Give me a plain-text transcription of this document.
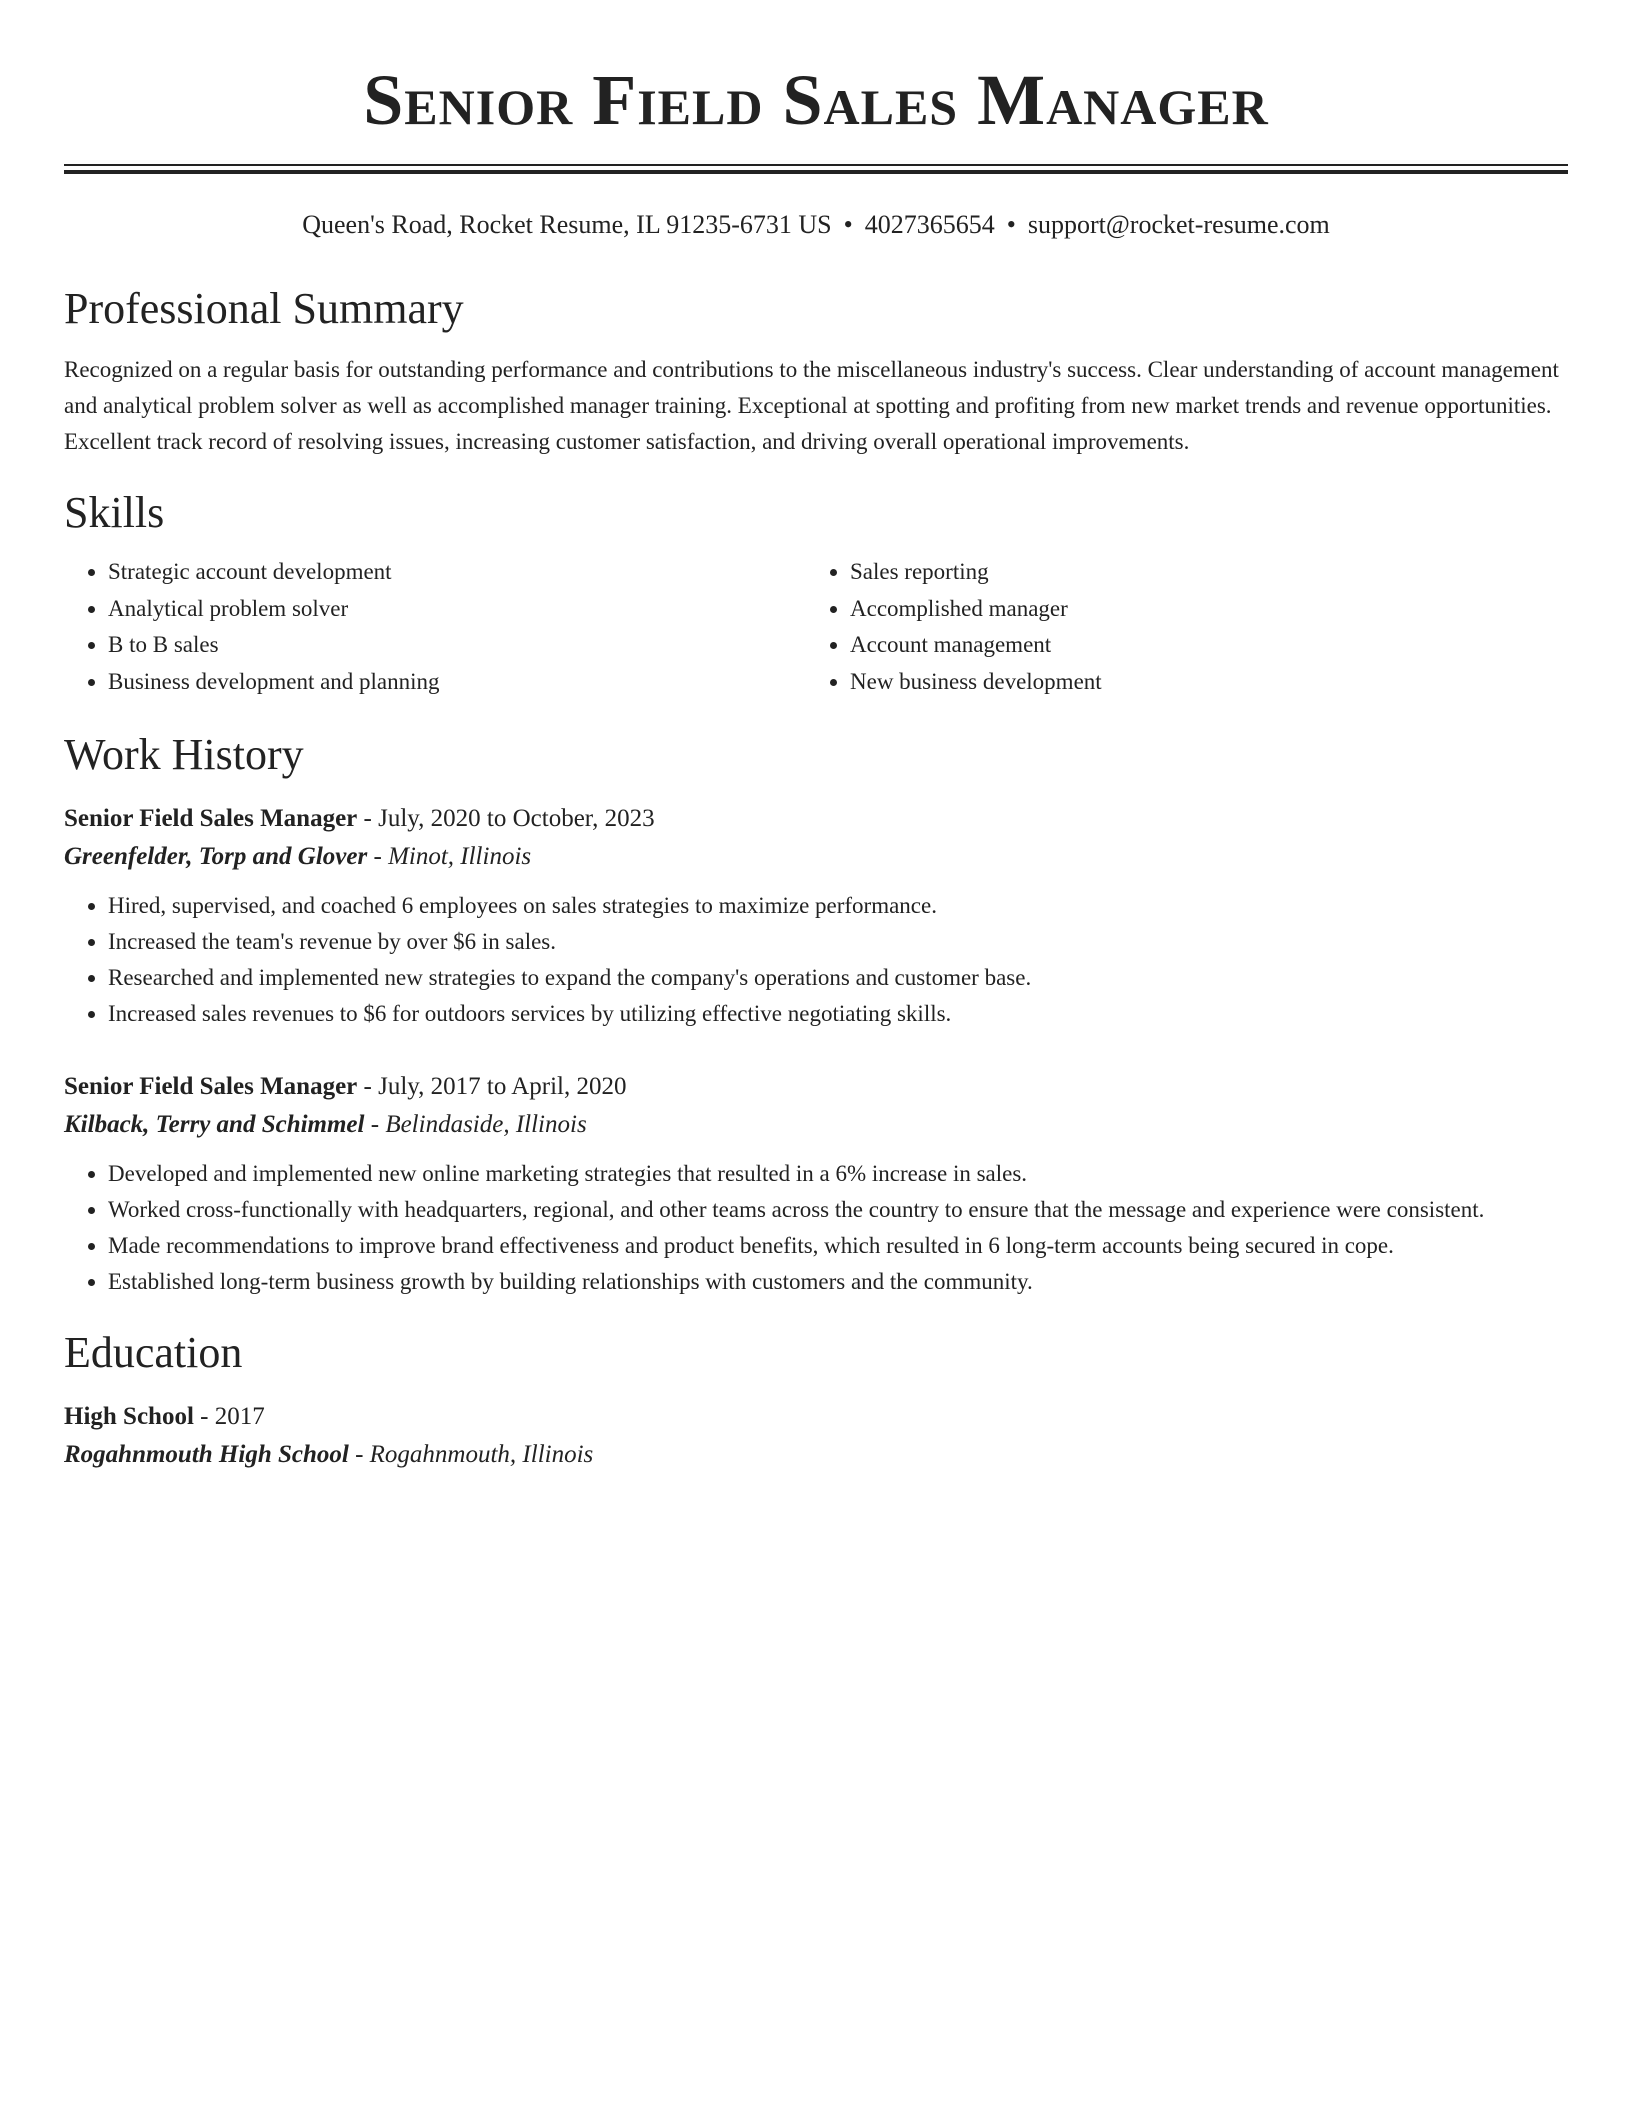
Senior Field Sales Manager
Queen's Road, Rocket Resume, IL 91235-6731 US • 4027365654 • support@rocket-resume.com
Professional Summary

Recognized on a regular basis for outstanding performance and contributions to the miscellaneous industry's success. Clear understanding of account management and analytical problem solver as well as accomplished manager training. Exceptional at spotting and profiting from new market trends and revenue opportunities. Excellent track record of resolving issues, increasing customer satisfaction, and driving overall operational improvements.

Skills
• Strategic account development
• Analytical problem solver
• B to B sales
• Business development and planning
• Sales reporting
• Accomplished manager
• Account management
• New business development
Work History
Senior Field Sales Manager - July, 2020 to October, 2023
Greenfelder, Torp and Glover - Minot, Illinois
• Hired, supervised, and coached 6 employees on sales strategies to maximize performance.
• Increased the team's revenue by over $6 in sales.
• Researched and implemented new strategies to expand the company's operations and customer base.
• Increased sales revenues to $6 for outdoors services by utilizing effective negotiating skills.
Senior Field Sales Manager - July, 2017 to April, 2020
Kilback, Terry and Schimmel - Belindaside, Illinois
• Developed and implemented new online marketing strategies that resulted in a 6% increase in sales.
• Worked cross-functionally with headquarters, regional, and other teams across the country to ensure that the message and experience were consistent.
• Made recommendations to improve brand effectiveness and product benefits, which resulted in 6 long-term accounts being secured in cope.
• Established long-term business growth by building relationships with customers and the community.
Education
High School - 2017
Rogahnmouth High School - Rogahnmouth, Illinois
